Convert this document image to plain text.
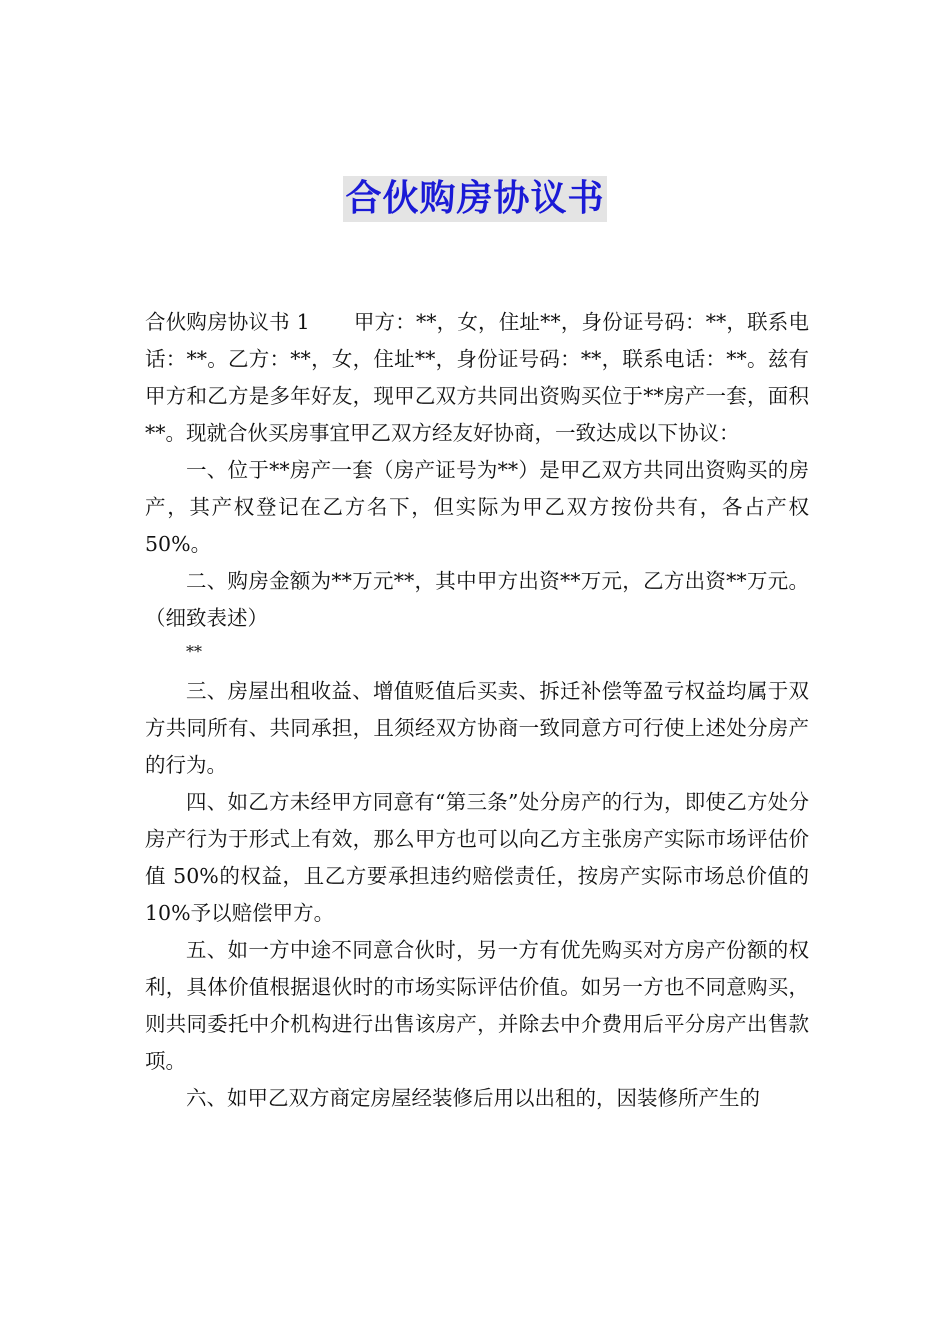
合伙购房协议书

合伙购房协议书 1 甲方：**，女，住址**，身份证号码：**，联系电话：**。乙方：**，女，住址**，身份证号码：**，联系电话：**。兹有甲方和乙方是多年好友，现甲乙双方共同出资购买位于**房产一套，面积**。现就合伙买房事宜甲乙双方经友好协商，一致达成以下协议：

一、位于**房产一套（房产证号为**）是甲乙双方共同出资购买的房产，其产权登记在乙方名下，但实际为甲乙双方按份共有，各占产权 50%。

二、购房金额为**万元**，其中甲方出资**万元，乙方出资**万元。（细致表述）

**

三、房屋出租收益、增值贬值后买卖、拆迁补偿等盈亏权益均属于双方共同所有、共同承担，且须经双方协商一致同意方可行使上述处分房产的行为。

四、如乙方未经甲方同意有“第三条”处分房产的行为，即使乙方处分房产行为于形式上有效，那么甲方也可以向乙方主张房产实际市场评估价值 50%的权益，且乙方要承担违约赔偿责任，按房产实际市场总价值的 10%予以赔偿甲方。

五、如一方中途不同意合伙时，另一方有优先购买对方房产份额的权利，具体价值根据退伙时的市场实际评估价值。如另一方也不同意购买，则共同委托中介机构进行出售该房产，并除去中介费用后平分房产出售款项。

六、如甲乙双方商定房屋经装修后用以出租的，因装修所产生的
